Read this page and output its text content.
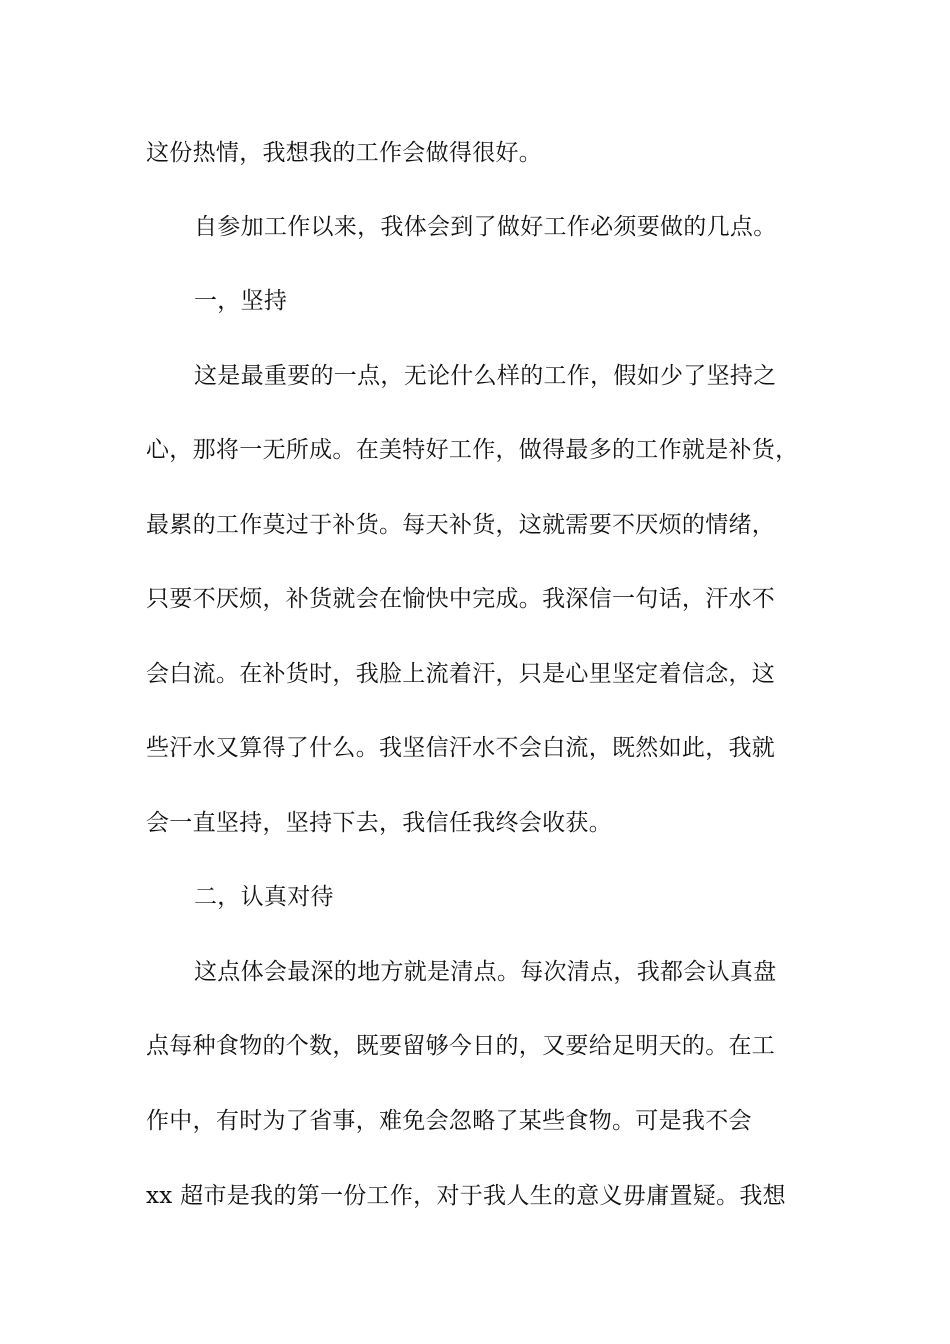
这份热情，我想我的工作会做得很好。
自参加工作以来，我体会到了做好工作必须要做的几点。
一，坚持
这是最重要的一点，无论什么样的工作，假如少了坚持之
心，那将一无所成。在美特好工作，做得最多的工作就是补货，
最累的工作莫过于补货。每天补货，这就需要不厌烦的情绪，
只要不厌烦，补货就会在愉快中完成。我深信一句话，汗水不
会白流。在补货时，我脸上流着汗，只是心里坚定着信念，这
些汗水又算得了什么。我坚信汗水不会白流，既然如此，我就
会一直坚持，坚持下去，我信任我终会收获。
二，认真对待
这点体会最深的地方就是清点。每次清点，我都会认真盘
点每种食物的个数，既要留够今日的，又要给足明天的。在工
作中，有时为了省事，难免会忽略了某些食物。可是我不会
xx 超市是我的第一份工作，对于我人生的意义毋庸置疑。我想
